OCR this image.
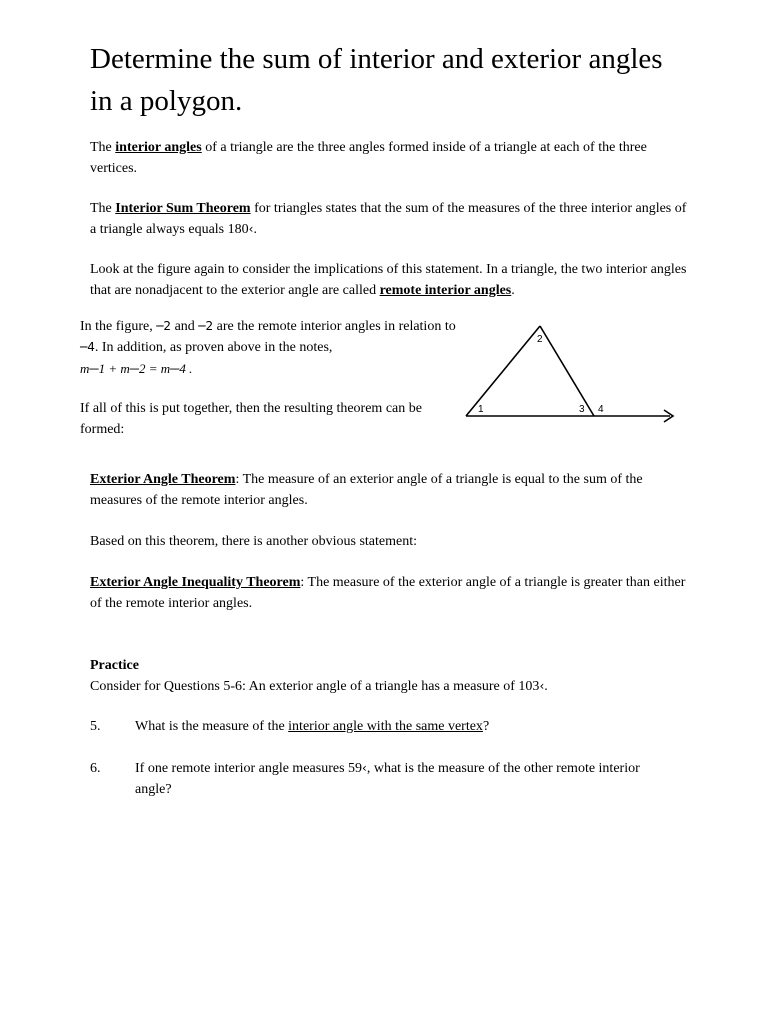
Determine the sum of interior and exterior angles in a polygon.

The interior angles of a triangle are the three angles formed inside of a triangle at each of the three vertices.

The Interior Sum Theorem for triangles states that the sum of the measures of the three interior angles of a triangle always equals 180‹.

Look at the figure again to consider the implications of this statement. In a triangle, the two interior angles that are nonadjacent to the exterior angle are called remote interior angles.

In the figure, ─2 and ─2 are the remote interior angles in relation to ─4. In addition, as proven above in the notes,
m─1 + m─2 = m─4 .

If all of this is put together, then the resulting theorem can be formed:

1
2
3 4

Exterior Angle Theorem: The measure of an exterior angle of a triangle is equal to the sum of the measures of the remote interior angles.

Based on this theorem, there is another obvious statement:

Exterior Angle Inequality Theorem: The measure of the exterior angle of a triangle is greater than either of the remote interior angles.

Practice

Consider for Questions 5-6: An exterior angle of a triangle has a measure of 103‹.

5. What is the measure of the interior angle with the same vertex?

6. If one remote interior angle measures 59‹, what is the measure of the other remote interior angle?
